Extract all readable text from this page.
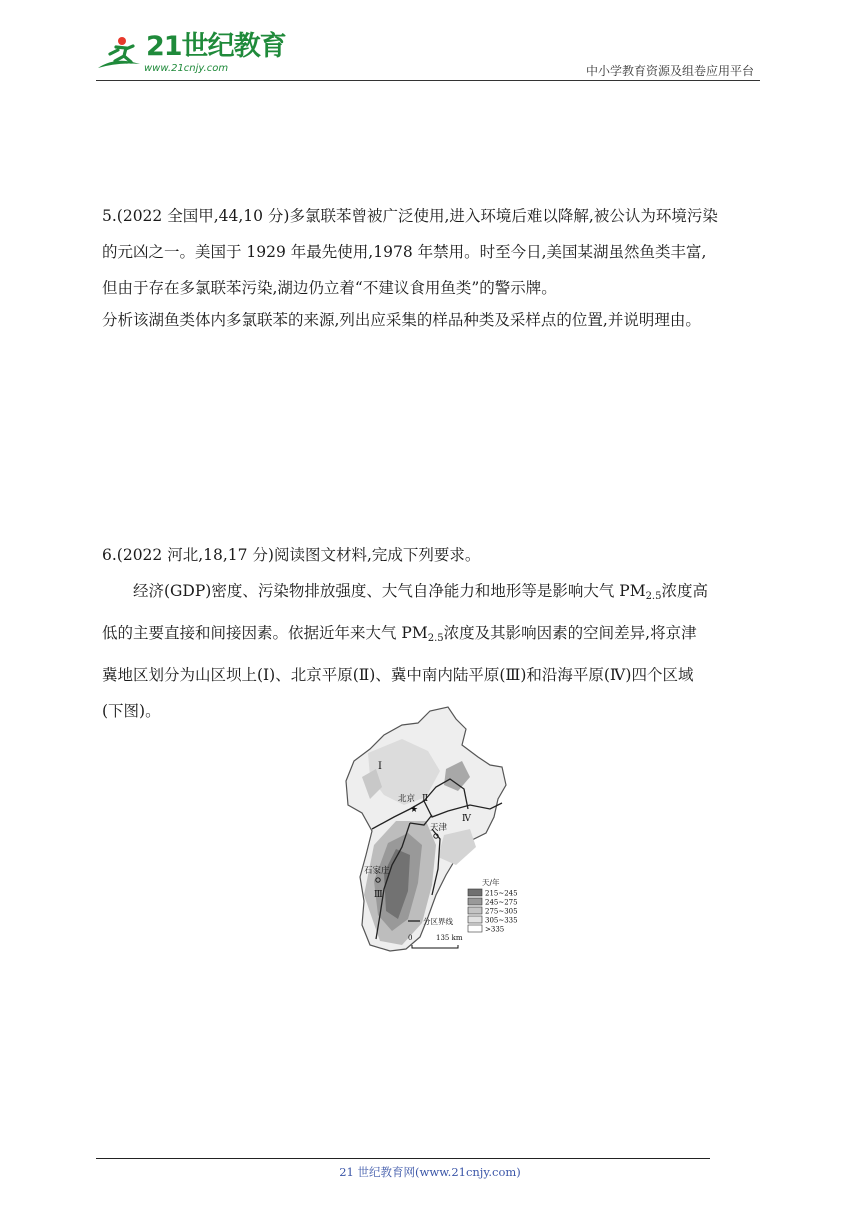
21世纪教育
www.21cnjy.com	中小学教育资源及组卷应用平台
5.(2022 全国甲,44,10 分)多氯联苯曾被广泛使用,进入环境后难以降解,被公认为环境污染
的元凶之一。美国于 1929 年最先使用,1978 年禁用。时至今日,美国某湖虽然鱼类丰富,
但由于存在多氯联苯污染,湖边仍立着“不建议食用鱼类”的警示牌。
分析该湖鱼类体内多氯联苯的来源,列出应采集的样品种类及采样点的位置,并说明理由。
6.(2022 河北,18,17 分)阅读图文材料,完成下列要求。
经济(GDP)密度、污染物排放强度、大气自净能力和地形等是影响大气 $PM_{2.5}$浓度高
低的主要直接和间接因素。依据近年来大气 $PM_{2.5}$浓度及其影响因素的空间差异,将京津
冀地区划分为山区坝上(Ⅰ)、北京平原(Ⅱ)、冀中南内陆平原(Ⅲ)和沿海平原(Ⅳ)四个区域
(下图)。
Ⅰ
Ⅱ
Ⅲ
Ⅳ
北京
★
天津
石家庄
天/年
215~245
245~275
275~305
305~335
>335
分区界线
0	135 km
21 世纪教育网(www.21cnjy.com)
